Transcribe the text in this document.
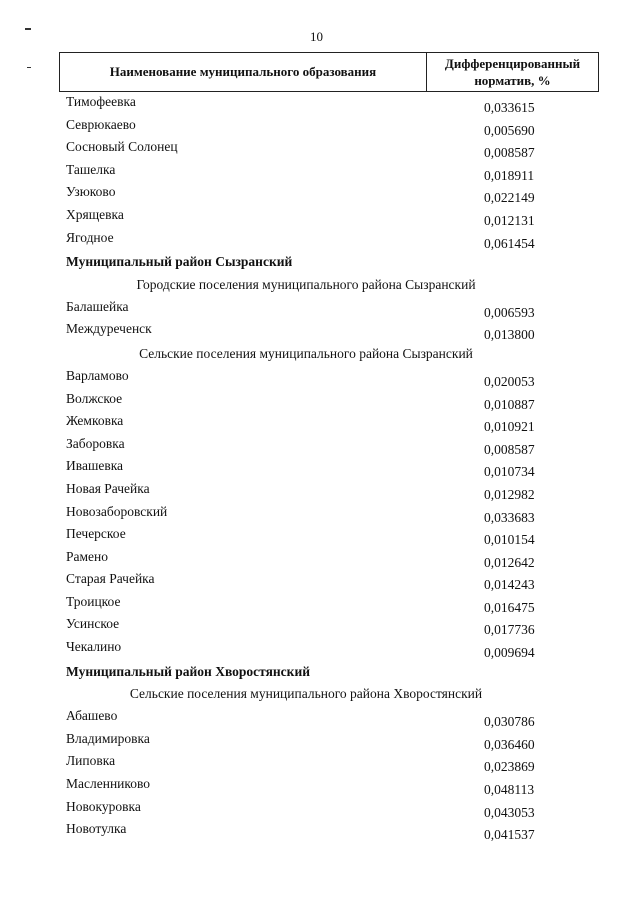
10
Наименование муниципального образования
Дифференцированный
норматив, %
Тимофеевка	0,033615
Севрюкаево	0,005690
Сосновый Солонец	0,008587
Ташелка	0,018911
Узюково	0,022149
Хрящевка	0,012131
Ягодное	0,061454
Муниципальный район Сызранский
Городские поселения муниципального района Сызранский
Балашейка	0,006593
Междуреченск	0,013800
Сельские поселения муниципального района Сызранский
Варламово	0,020053
Волжское	0,010887
Жемковка	0,010921
Заборовка	0,008587
Ивашевка	0,010734
Новая Рачейка	0,012982
Новозаборовский	0,033683
Печерское	0,010154
Рамено	0,012642
Старая Рачейка	0,014243
Троицкое	0,016475
Усинское	0,017736
Чекалино	0,009694
Муниципальный район Хворостянский
Сельские поселения муниципального района Хворостянский
Абашево	0,030786
Владимировка	0,036460
Липовка	0,023869
Масленниково	0,048113
Новокуровка	0,043053
Новотулка	0,041537
